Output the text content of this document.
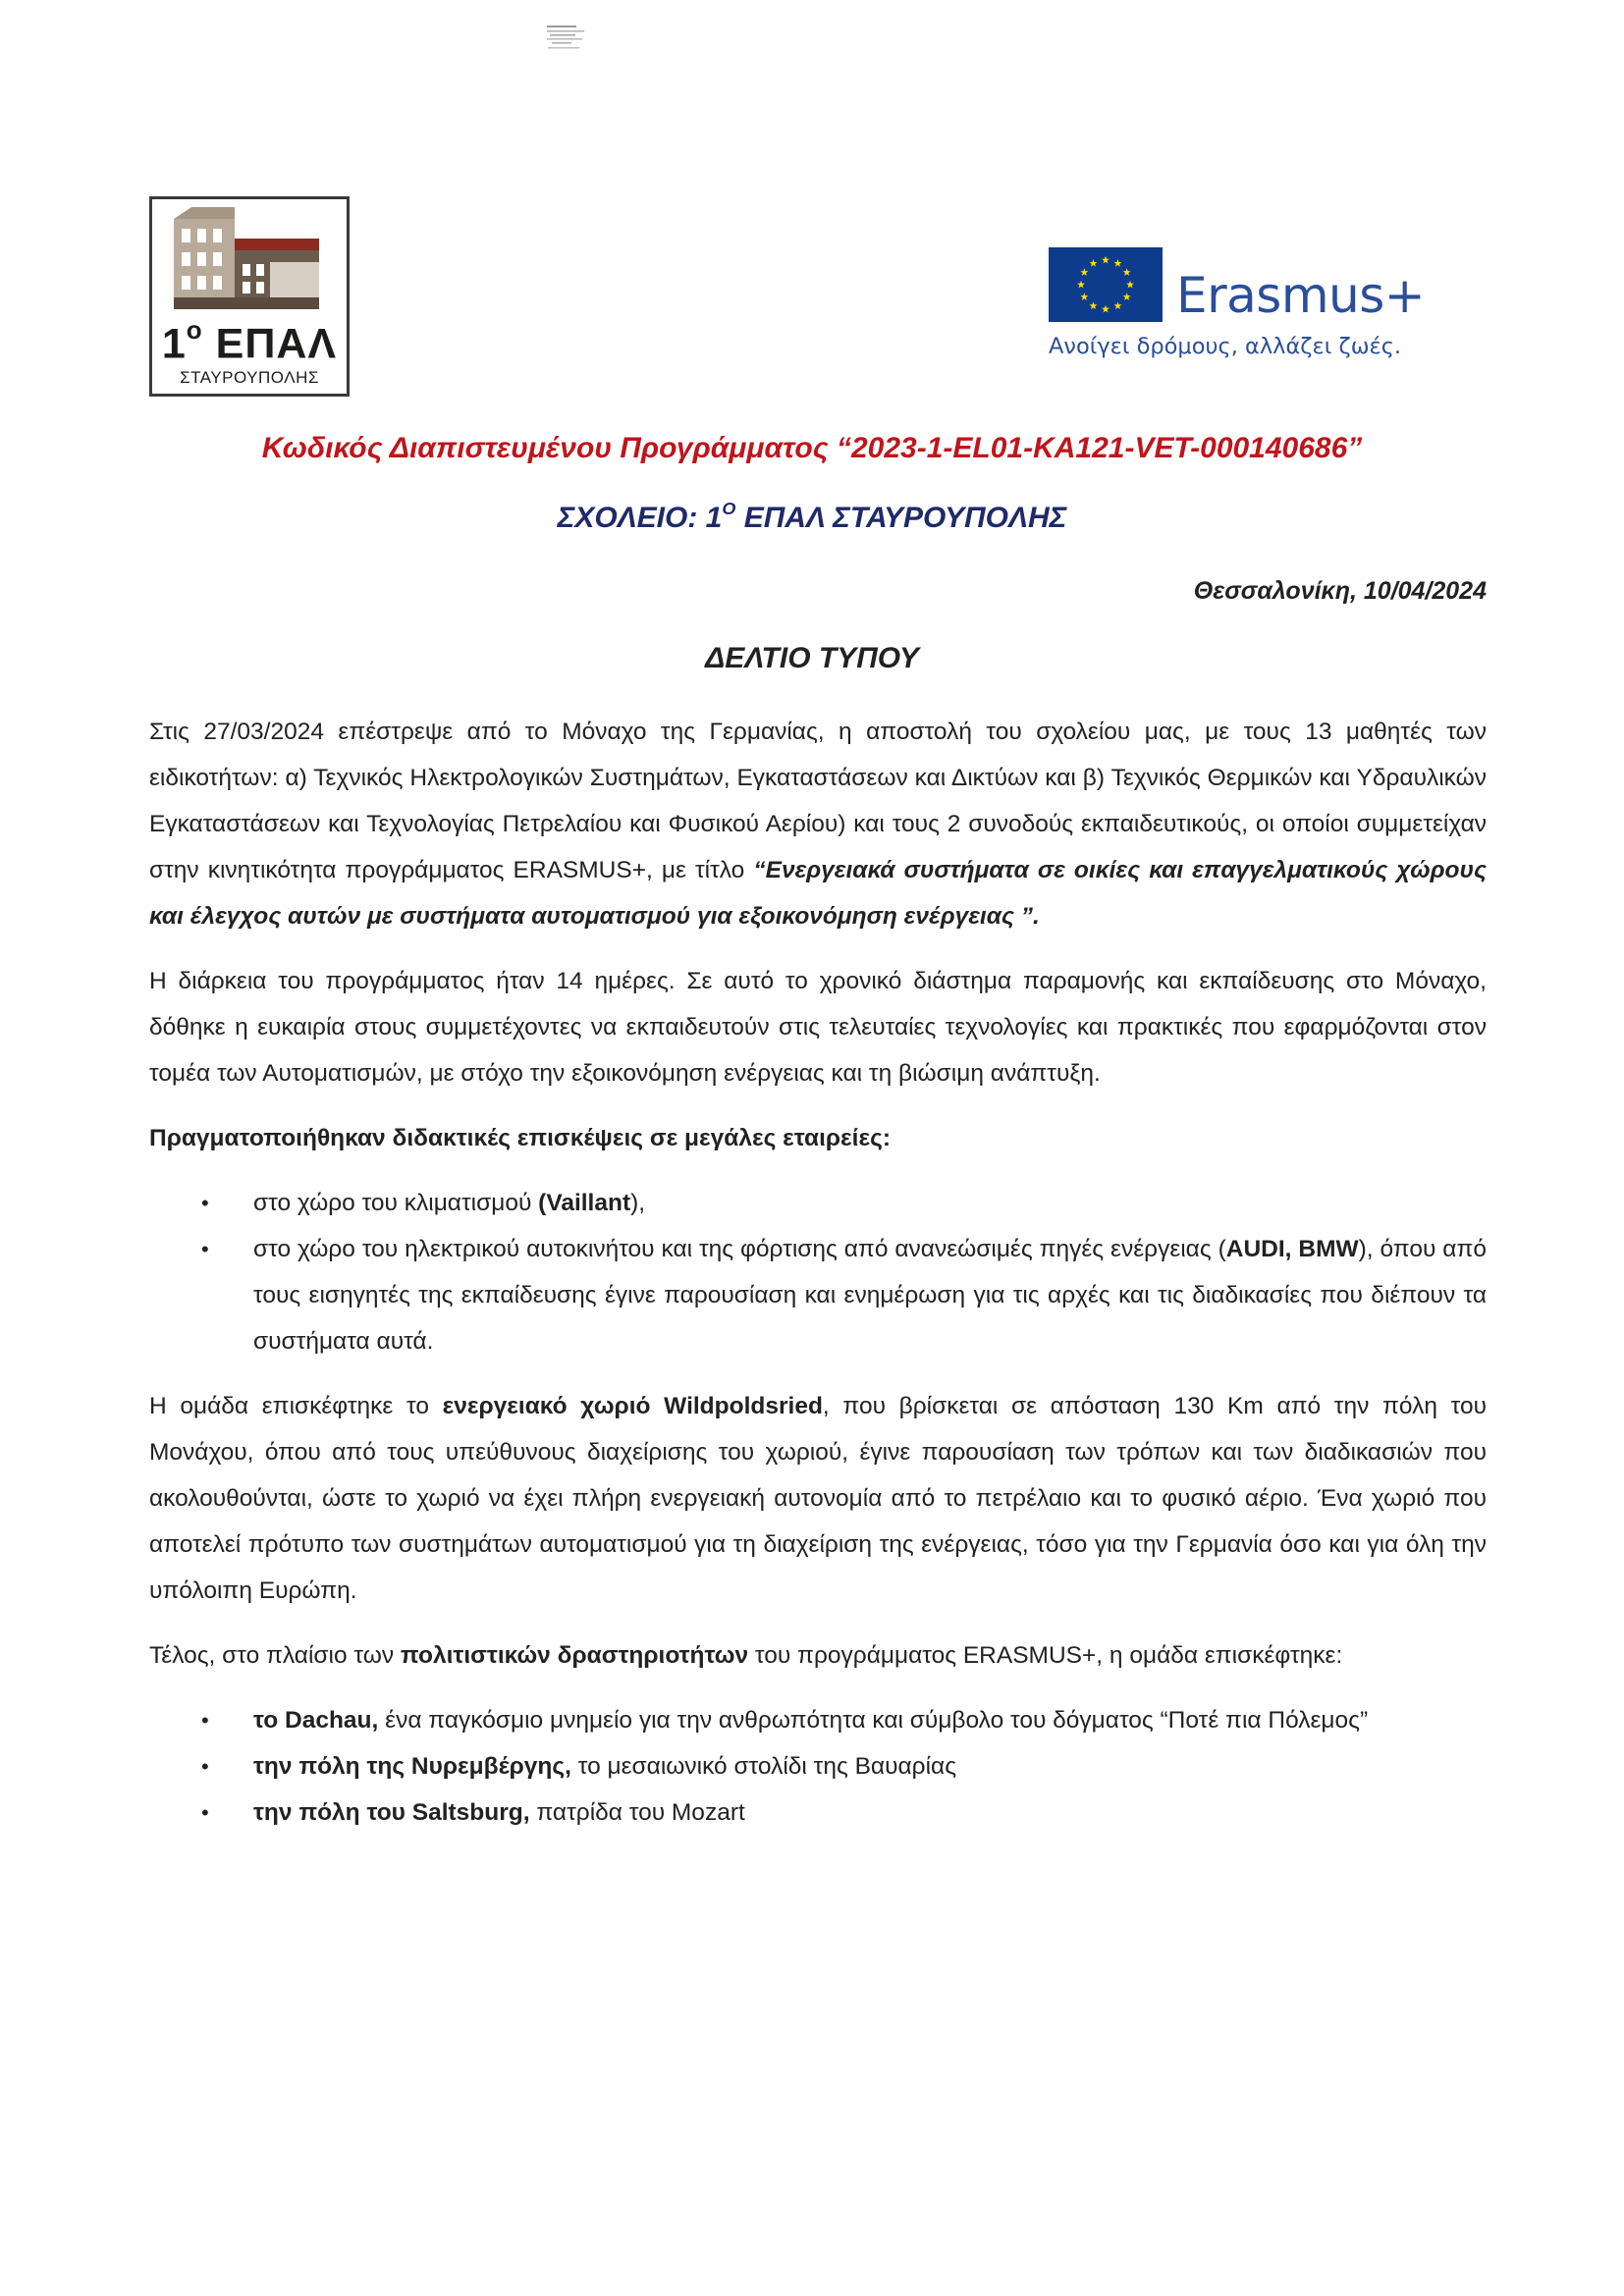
$1^o$ ΕΠΑΛ
ΣΤΑΥΡΟΥΠΟΛΗΣ
Erasmus+
Ανοίγει δρόμους, αλλάζει ζωές.
Κωδικός Διαπιστευμένου Προγράμματος “2023-1-EL01-KA121-VET-000140686”
ΣΧΟΛΕΙΟ: $1^O$ ΕΠΑΛ ΣΤΑΥΡΟΥΠΟΛΗΣ
Θεσσαλονίκη, 10/04/2024
ΔΕΛΤΙΟ ΤΥΠΟΥ

Στις 27/03/2024 επέστρεψε από το Μόναχο της Γερμανίας, η αποστολή του σχολείου μας, με τους 13 μαθητές των ειδικοτήτων: α) Τεχνικός Ηλεκτρολογικών Συστημάτων, Εγκαταστάσεων και Δικτύων και β) Τεχνικός Θερμικών και Υδραυλικών Εγκαταστάσεων και Τεχνολογίας Πετρελαίου και Φυσικού Αερίου) και τους 2 συνοδούς εκπαιδευτικούς, οι οποίοι συμμετείχαν στην κινητικότητα προγράμματος ERASMUS+, με τίτλο “Ενεργειακά συστήματα σε οικίες και επαγγελματικούς χώρους και έλεγχος αυτών με συστήματα αυτοματισμού για εξοικονόμηση ενέργειας ”.

Η διάρκεια του προγράμματος ήταν 14 ημέρες. Σε αυτό το χρονικό διάστημα παραμονής και εκπαίδευσης στο Μόναχο, δόθηκε η ευκαιρία στους συμμετέχοντες να εκπαιδευτούν στις τελευταίες τεχνολογίες και πρακτικές που εφαρμόζονται στον τομέα των Αυτοματισμών, με στόχο την εξοικονόμηση ενέργειας και τη βιώσιμη ανάπτυξη.

Πραγματοποιήθηκαν διδακτικές επισκέψεις σε μεγάλες εταιρείες:

• στο χώρο του κλιματισμού (Vaillant),
• στο χώρο του ηλεκτρικού αυτοκινήτου και της φόρτισης από ανανεώσιμές πηγές ενέργειας (AUDI, BMW), όπου από τους εισηγητές της εκπαίδευσης έγινε παρουσίαση και ενημέρωση για τις αρχές και τις διαδικασίες που διέπουν τα συστήματα αυτά.

Η ομάδα επισκέφτηκε το ενεργειακό χωριό Wildpoldsried, που βρίσκεται σε απόσταση 130 Km από την πόλη του Μονάχου, όπου από τους υπεύθυνους διαχείρισης του χωριού, έγινε παρουσίαση των τρόπων και των διαδικασιών που ακολουθούνται, ώστε το χωριό να έχει πλήρη ενεργειακή αυτονομία από το πετρέλαιο και το φυσικό αέριο. Ένα χωριό που αποτελεί πρότυπο των συστημάτων αυτοματισμού για τη διαχείριση της ενέργειας, τόσο για την Γερμανία όσο και για όλη την υπόλοιπη Ευρώπη.

Τέλος, στο πλαίσιο των πολιτιστικών δραστηριοτήτων του προγράμματος ERASMUS+, η ομάδα επισκέφτηκε:

• το Dachau, ένα παγκόσμιο μνημείο για την ανθρωπότητα και σύμβολο του δόγματος “Ποτέ πια Πόλεμος”
• την πόλη της Νυρεμβέργης, το μεσαιωνικό στολίδι της Βαυαρίας
• την πόλη του Saltsburg, πατρίδα του Mozart
